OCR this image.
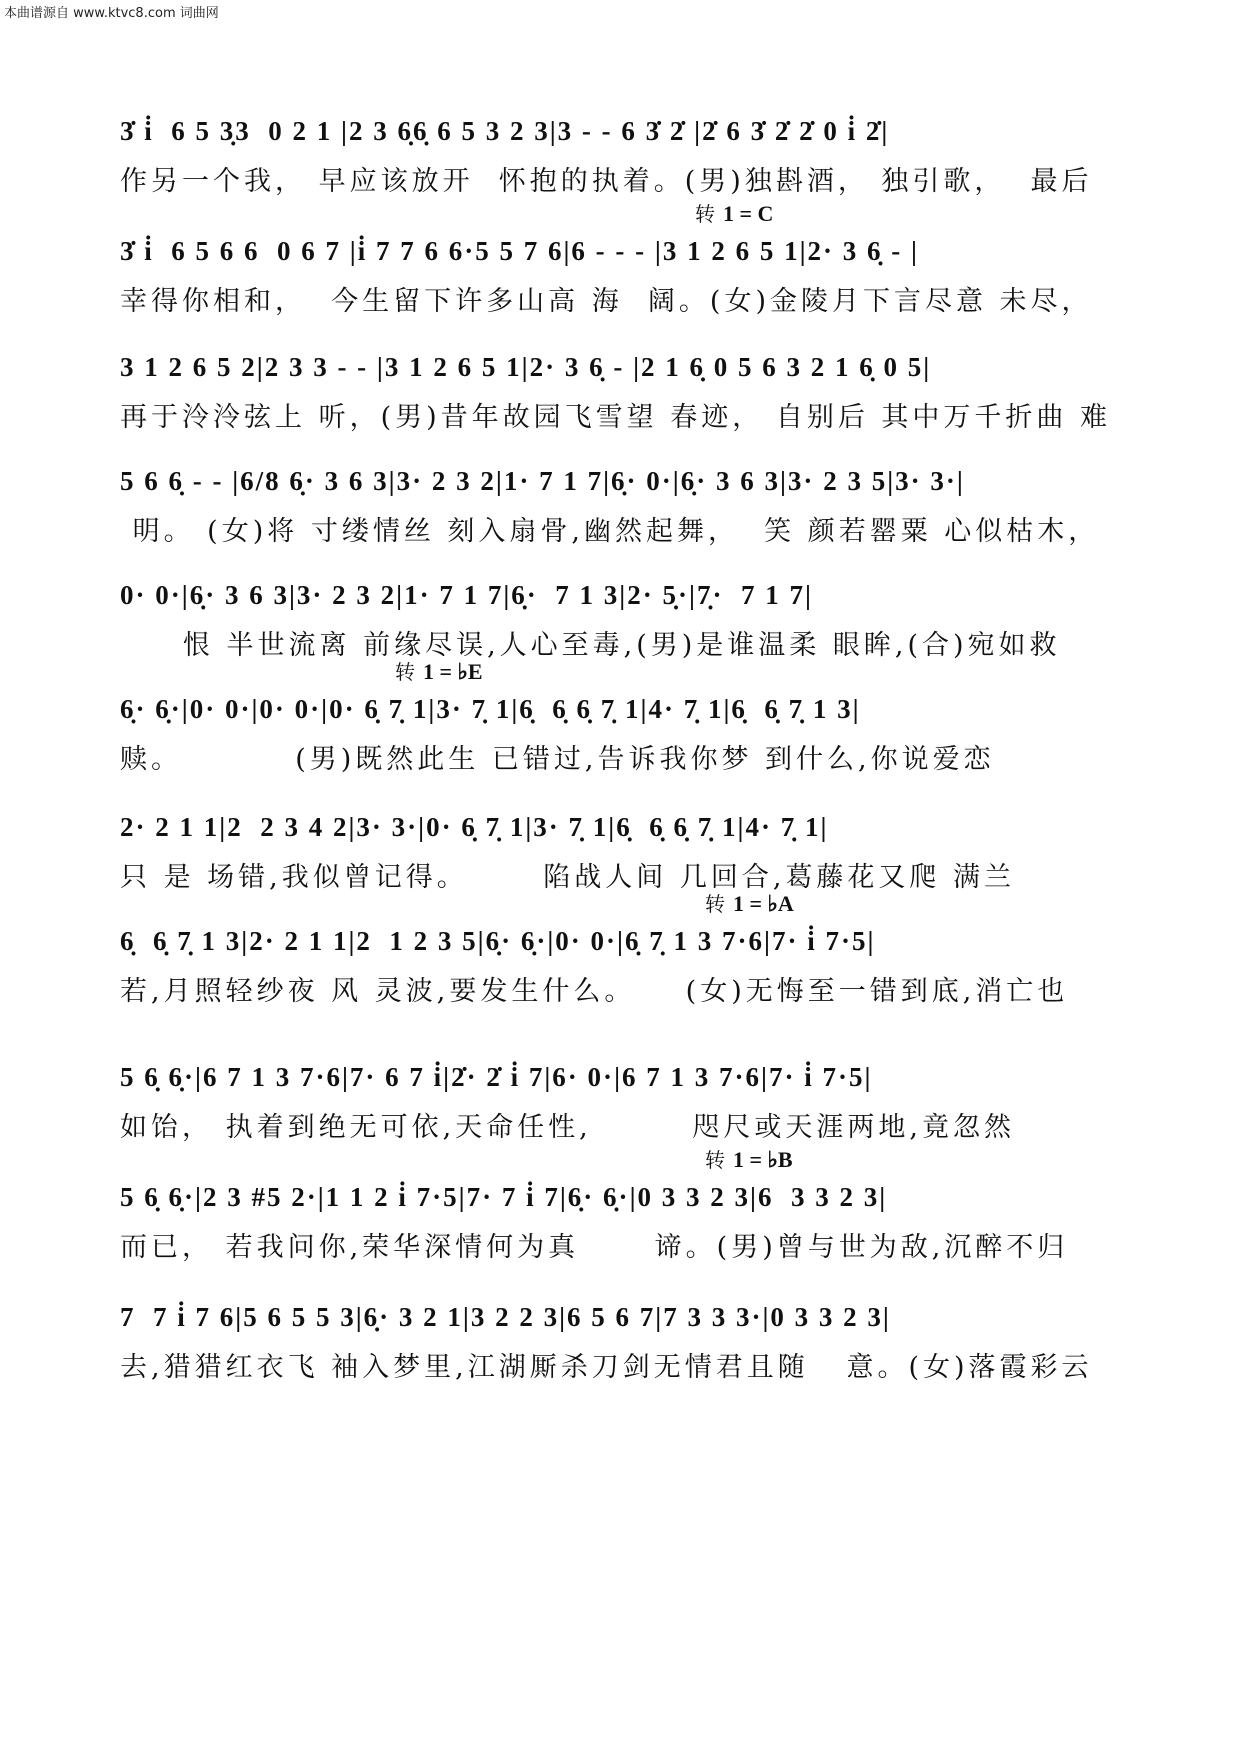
本曲谱源自 www.ktvc8.com 词曲网
3̇ i̇  6 5 3̣3  0 2 1 |2 3 6̣6̣ 6 5 3 2 3|3 - - 6 3̇ 2̇ |2̇ 6 3̇ 2̇ 2̇ 0 i̇ 2̇|
作另一个我， 早应该放开  怀抱的执着。(男)独斟酒， 独引歌，  最后
转 1 = C
3̇ i̇  6 5 6 6  0 6 7 |i̇ 7 7 6 6·5 5 7 6|6 - - - |3 1 2 6 5 1|2· 3 6̣ - |
幸得你相和，  今生留下许多山高 海  阔。(女)金陵月下言尽意 未尽，
3 1 2 6 5 2|2 3 3 - - |3 1 2 6 5 1|2· 3 6̣ - |2 1 6̣ 0 5 6 3 2 1 6̣ 0 5|
再于泠泠弦上 听，(男)昔年故园飞雪望 春迹， 自别后 其中万千折曲 难
5 6 6̣ - - |6/8 6̣· 3 6 3|3· 2 3 2|1· 7 1 7|6̣· 0·|6̣· 3 6 3|3· 2 3 5|3· 3·|
明。 (女)将 寸缕情丝 刻入扇骨,幽然起舞，  笑 颜若罂粟 心似枯木，
0· 0·|6̣· 3 6 3|3· 2 3 2|1· 7 1 7|6̣·  7 1 3|2· 5̣·|7̣·  7 1 7|
恨 半世流离 前缘尽误,人心至毒,(男)是谁温柔 眼眸,(合)宛如救
转 1 = ♭E
6̣· 6̣·|0· 0·|0· 0·|0· 6̣ 7̣ 1|3· 7̣ 1|6̣  6̣ 6̣ 7̣ 1|4· 7̣ 1|6̣  6̣ 7̣ 1 3|
赎。         (男)既然此生 已错过,告诉我你梦 到什么,你说爱恋
2· 2 1 1|2  2 3 4 2|3· 3·|0· 6̣ 7̣ 1|3· 7̣ 1|6̣  6̣ 6̣ 7̣ 1|4· 7̣ 1|
只 是 场错,我似曾记得。      陷战人间 几回合,葛藤花又爬 满兰
转 1 = ♭A
6̣  6̣ 7̣ 1 3|2· 2 1 1|2  1 2 3 5|6̣· 6̣·|0· 0·|6̣ 7̣ 1 3 7·6|7· i̇ 7·5|
若,月照轻纱夜 风 灵波,要发生什么。    (女)无悔至一错到底,消亡也
5 6̣ 6̣·|6 7 1 3 7·6|7· 6 7 i̇|2̇· 2̇ i̇ 7|6· 0·|6 7 1 3 7·6|7· i̇ 7·5|
如饴， 执着到绝无可依,天命任性,        咫尺或天涯两地,竟忽然
转 1 = ♭B
5 6̣ 6̣·|2 3 #5 2·|1 1 2 i̇ 7·5|7· 7 i̇ 7|6̣· 6̣·|0 3 3 2 3|6  3 3 2 3|
而已， 若我问你,荣华深情何为真      谛。(男)曾与世为敌,沉醉不归
7  7 i̇ 7 6|5 6 5 5 3|6̣· 3 2 1|3 2 2 3|6 5 6 7|7 3 3 3·|0 3 3 2 3|
去,猎猎红衣飞 袖入梦里,江湖厮杀刀剑无情君且随   意。(女)落霞彩云
